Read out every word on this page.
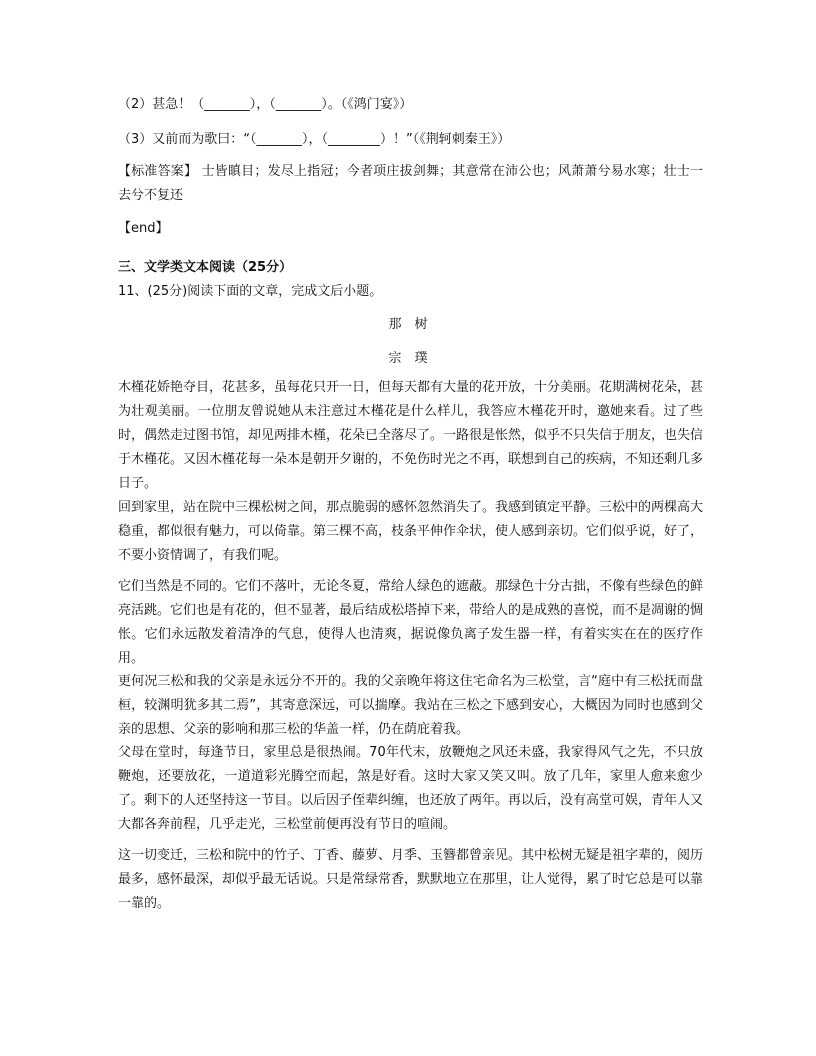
（2）甚急！（_______），（_______）。（《鸿门宴》）
（3）又前而为歌曰：“（_______），（________）！”（《荆轲刺秦王》）
【标准答案】 士皆瞋目；发尽上指冠；今者项庄拔剑舞；其意常在沛公也；风萧萧兮易水寒；壮士一去兮不复还
【end】
三、文学类文本阅读（25分）
11、(25分)阅读下面的文章，完成文后小题。
那　树
宗　璞
木槿花娇艳夺目，花甚多，虽每花只开一日，但每天都有大量的花开放，十分美丽。花期满树花朵，甚为壮观美丽。一位朋友曾说她从未注意过木槿花是什么样儿，我答应木槿花开时，邀她来看。过了些时，偶然走过图书馆，却见两排木槿，花朵已全落尽了。一路很是怅然，似乎不只失信于朋友，也失信于木槿花。又因木槿花每一朵本是朝开夕谢的，不免伤时光之不再，联想到自己的疾病，不知还剩几多日子。
回到家里，站在院中三棵松树之间，那点脆弱的感怀忽然消失了。我感到镇定平静。三松中的两棵高大稳重，都似很有魅力，可以倚靠。第三棵不高，枝条平伸作伞状，使人感到亲切。它们似乎说，好了，不要小资情调了，有我们呢。
它们当然是不同的。它们不落叶，无论冬夏，常给人绿色的遮蔽。那绿色十分古拙，不像有些绿色的鲜亮活跳。它们也是有花的，但不显著，最后结成松塔掉下来，带给人的是成熟的喜悦，而不是凋谢的惆怅。它们永远散发着清净的气息，使得人也清爽，据说像负离子发生器一样，有着实实在在的医疗作用。
更何况三松和我的父亲是永远分不开的。我的父亲晚年将这住宅命名为三松堂，言“庭中有三松抚而盘桓，较渊明犹多其二焉”，其寄意深远，可以揣摩。我站在三松之下感到安心，大概因为同时也感到父亲的思想、父亲的影响和那三松的华盖一样，仍在荫庇着我。
父母在堂时，每逢节日，家里总是很热闹。70年代末，放鞭炮之风还未盛，我家得风气之先，不只放鞭炮，还要放花，一道道彩光腾空而起，煞是好看。这时大家又笑又叫。放了几年，家里人愈来愈少了。剩下的人还坚持这一节目。以后因子侄辈纠缠，也还放了两年。再以后，没有高堂可娱，青年人又大都各奔前程，几乎走光，三松堂前便再没有节日的喧闹。
这一切变迁，三松和院中的竹子、丁香、藤萝、月季、玉簪都曾亲见。其中松树无疑是祖字辈的，阅历最多，感怀最深，却似乎最无话说。只是常绿常香，默默地立在那里，让人觉得，累了时它总是可以靠一靠的。
